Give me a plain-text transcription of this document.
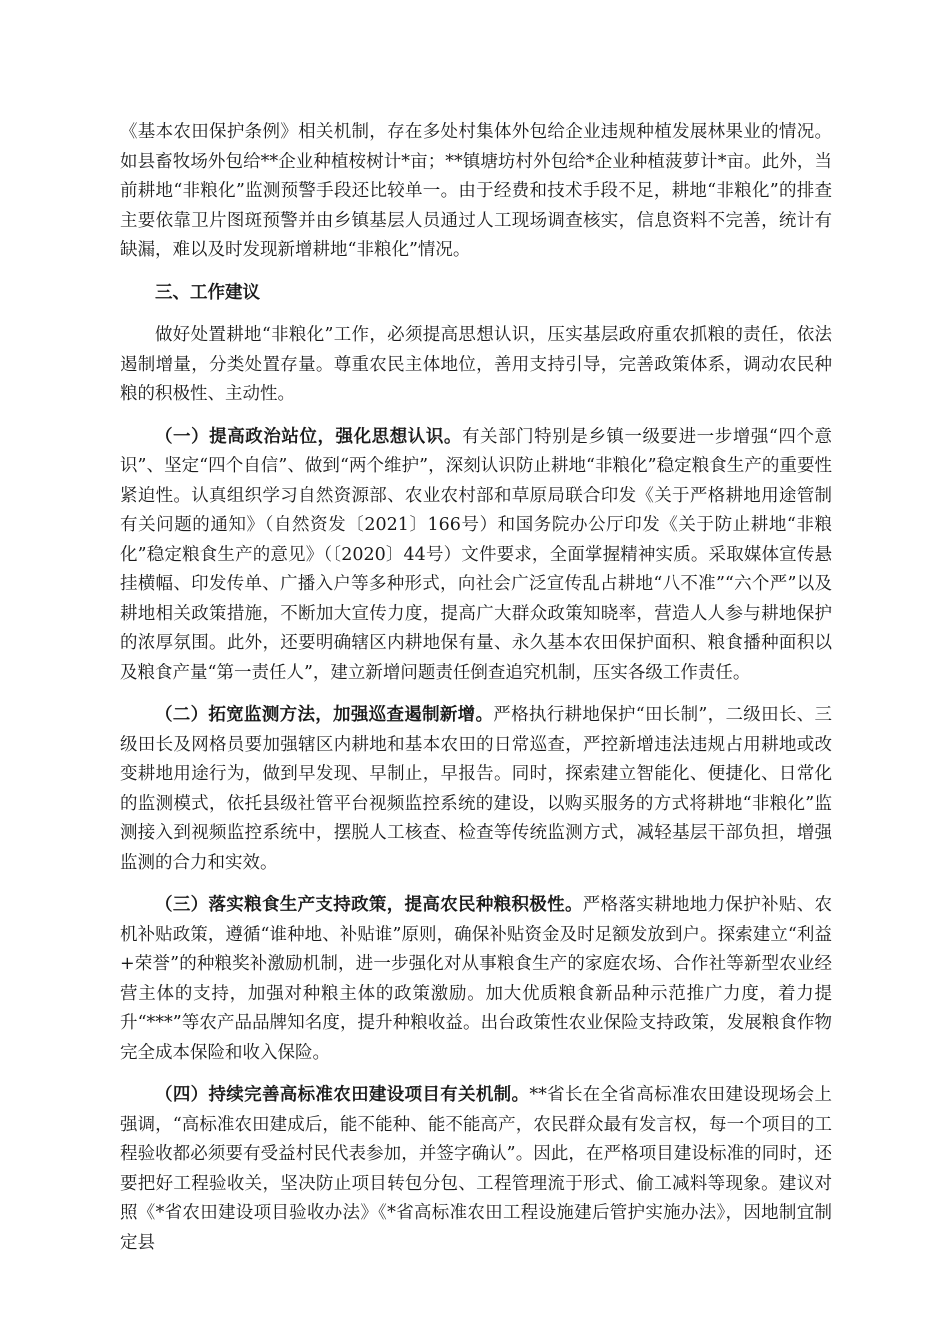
《基本农田保护条例》相关机制，存在多处村集体外包给企业违规种植发展林果业的情况。如县畜牧场外包给**企业种植桉树计*亩；**镇塘坊村外包给*企业种植菠萝计*亩。此外，当前耕地“非粮化”监测预警手段还比较单一。由于经费和技术手段不足，耕地“非粮化”的排查主要依靠卫片图斑预警并由乡镇基层人员通过人工现场调查核实，信息资料不完善，统计有缺漏，难以及时发现新增耕地“非粮化”情况。

三、工作建议

做好处置耕地“非粮化”工作，必须提高思想认识，压实基层政府重农抓粮的责任，依法遏制增量，分类处置存量。尊重农民主体地位，善用支持引导，完善政策体系，调动农民种粮的积极性、主动性。

（一）提高政治站位，强化思想认识。有关部门特别是乡镇一级要进一步增强“四个意识”、坚定“四个自信”、做到“两个维护”，深刻认识防止耕地“非粮化”稳定粮食生产的重要性紧迫性。认真组织学习自然资源部、农业农村部和草原局联合印发《关于严格耕地用途管制有关问题的通知》（自然资发〔2021〕166号）和国务院办公厅印发《关于防止耕地“非粮化”稳定粮食生产的意见》（〔2020〕44号）文件要求，全面掌握精神实质。采取媒体宣传悬挂横幅、印发传单、广播入户等多种形式，向社会广泛宣传乱占耕地“八不准”“六个严”以及耕地相关政策措施，不断加大宣传力度，提高广大群众政策知晓率，营造人人参与耕地保护的浓厚氛围。此外，还要明确辖区内耕地保有量、永久基本农田保护面积、粮食播种面积以及粮食产量“第一责任人”，建立新增问题责任倒查追究机制，压实各级工作责任。

（二）拓宽监测方法，加强巡查遏制新增。严格执行耕地保护“田长制”，二级田长、三级田长及网格员要加强辖区内耕地和基本农田的日常巡查，严控新增违法违规占用耕地或改变耕地用途行为，做到早发现、早制止，早报告。同时，探索建立智能化、便捷化、日常化的监测模式，依托县级社管平台视频监控系统的建设，以购买服务的方式将耕地“非粮化”监测接入到视频监控系统中，摆脱人工核查、检查等传统监测方式，减轻基层干部负担，增强监测的合力和实效。

（三）落实粮食生产支持政策，提高农民种粮积极性。严格落实耕地地力保护补贴、农机补贴政策，遵循“谁种地、补贴谁”原则，确保补贴资金及时足额发放到户。探索建立“利益+荣誉”的种粮奖补激励机制，进一步强化对从事粮食生产的家庭农场、合作社等新型农业经营主体的支持，加强对种粮主体的政策激励。加大优质粮食新品种示范推广力度，着力提升“***”等农产品品牌知名度，提升种粮收益。出台政策性农业保险支持政策，发展粮食作物完全成本保险和收入保险。

（四）持续完善高标准农田建设项目有关机制。**省长在全省高标准农田建设现场会上强调，“高标准农田建成后，能不能种、能不能高产，农民群众最有发言权，每一个项目的工程验收都必须要有受益村民代表参加，并签字确认”。因此，在严格项目建设标准的同时，还要把好工程验收关，坚决防止项目转包分包、工程管理流于形式、偷工减料等现象。建议对照《*省农田建设项目验收办法》《*省高标准农田工程设施建后管护实施办法》，因地制宜制定县
